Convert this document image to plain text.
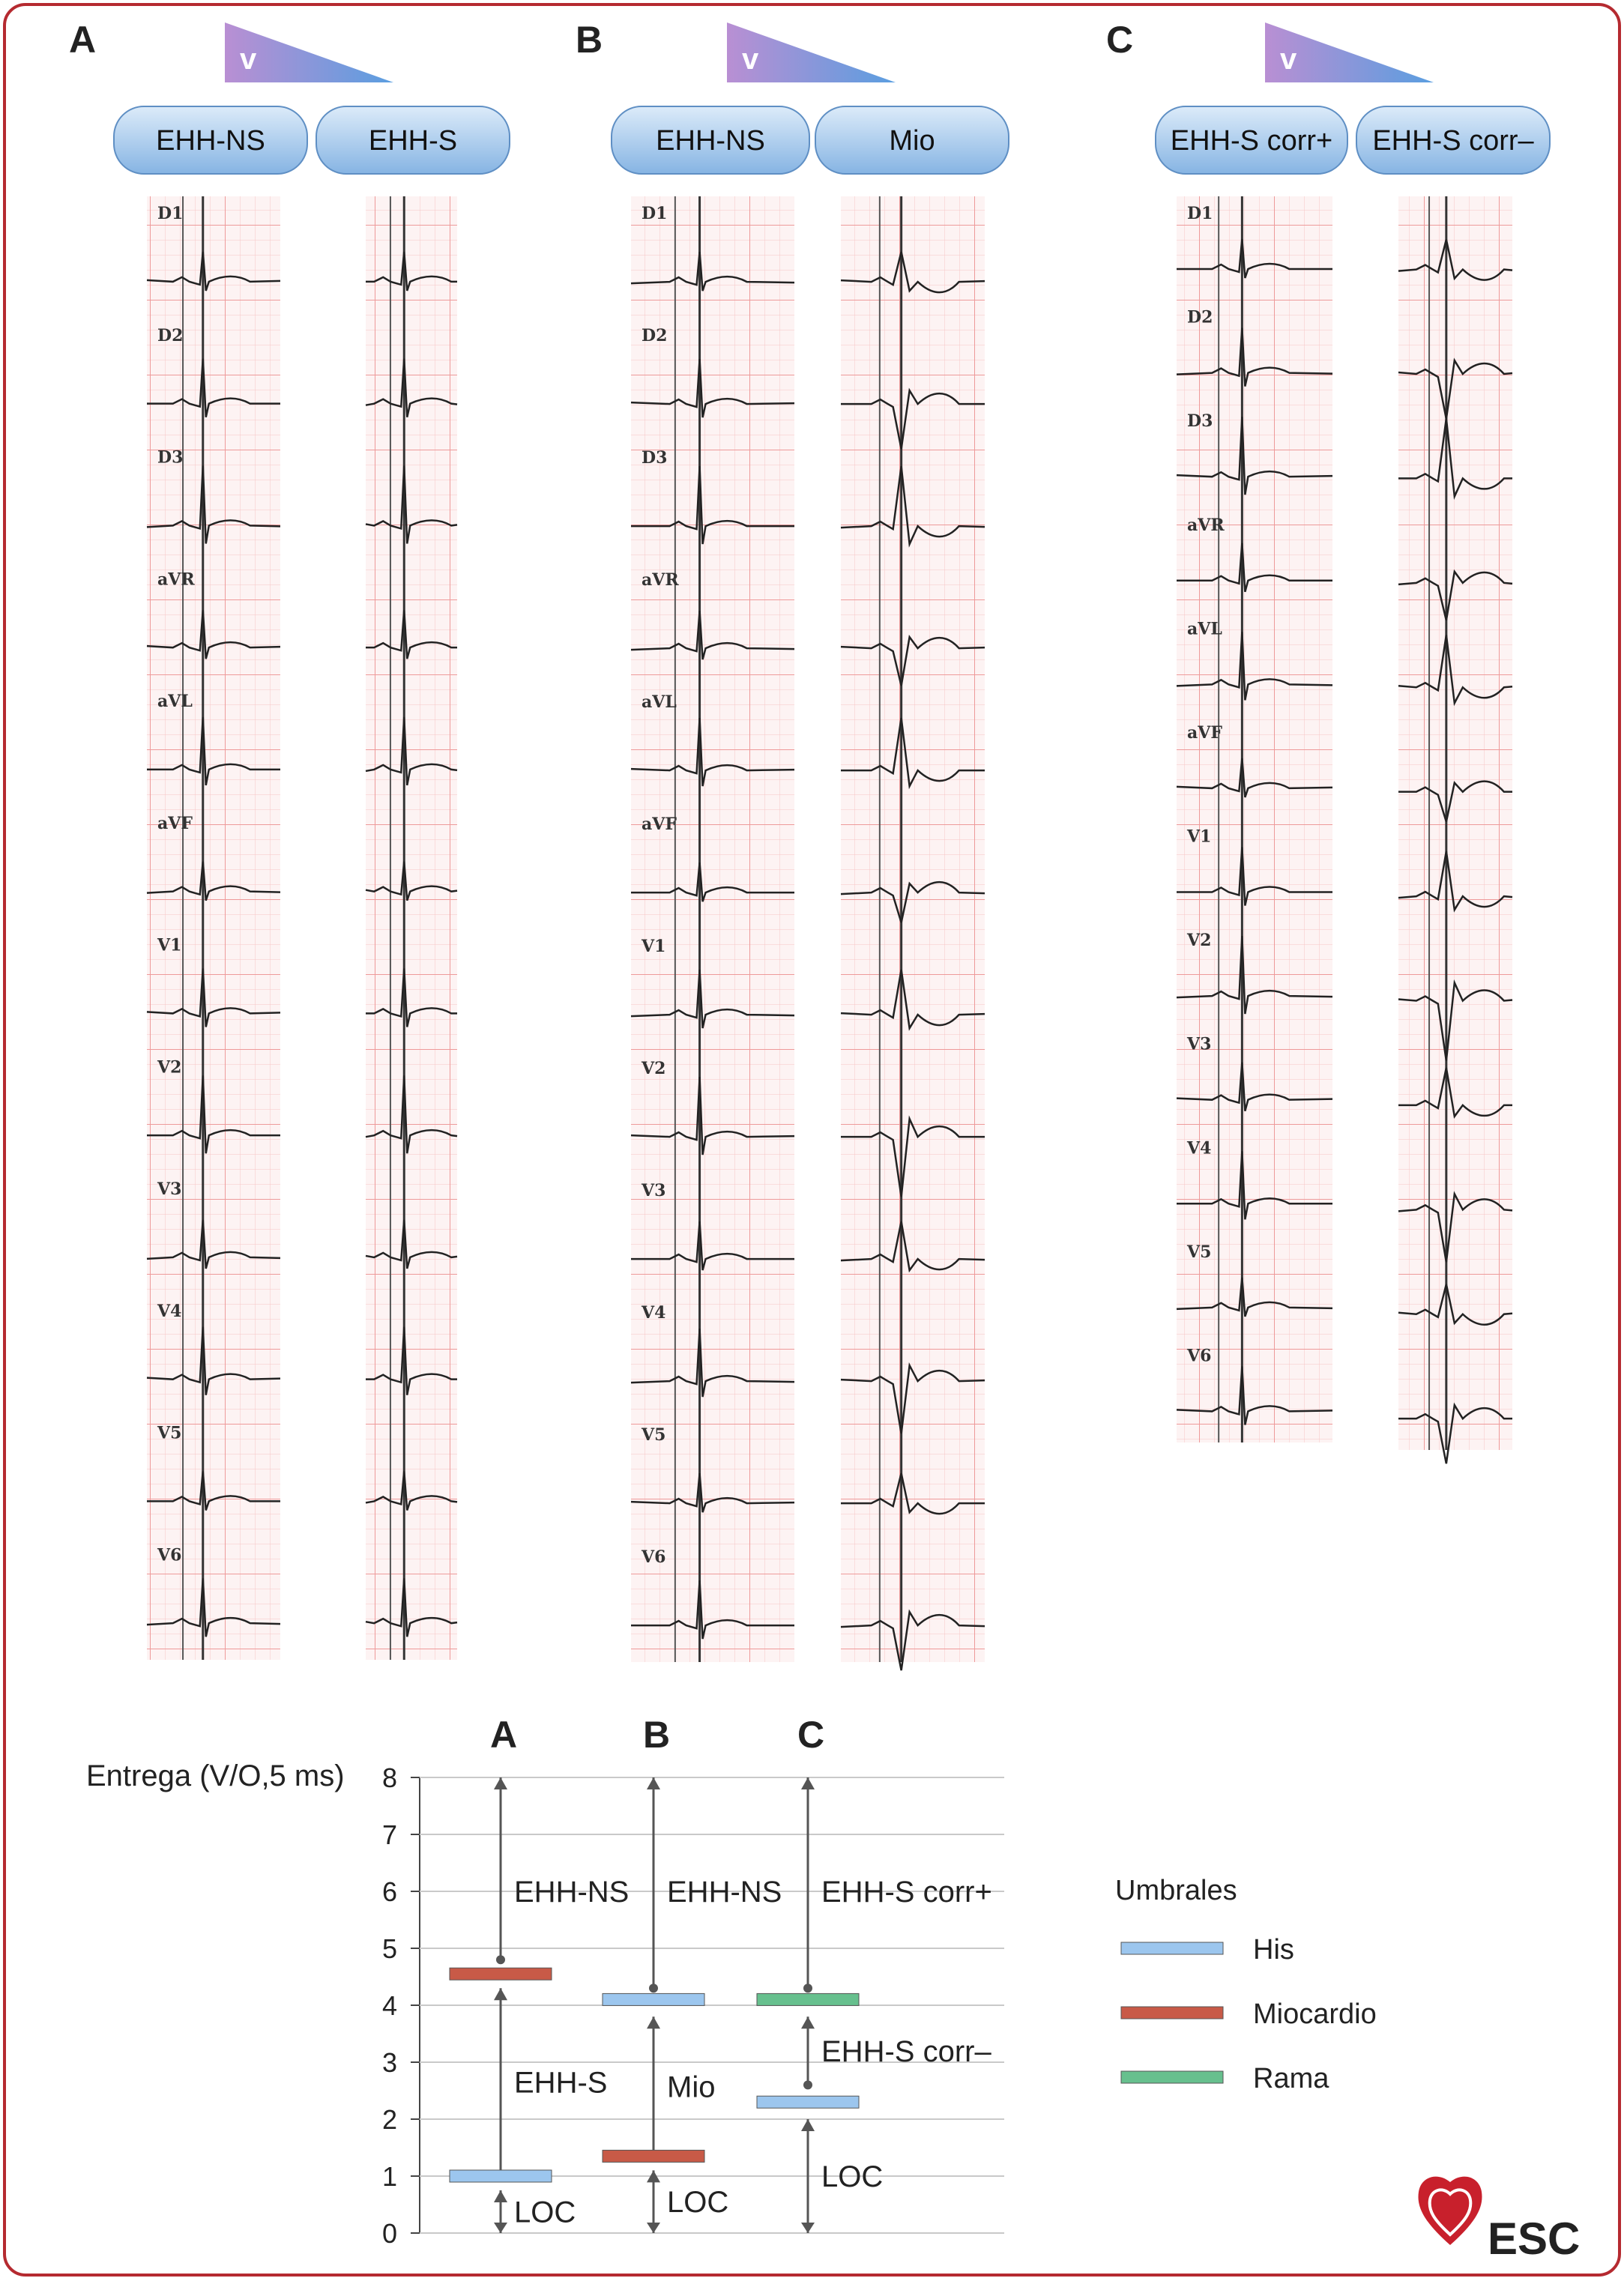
A	v
EHH-NS	EHH-S
B	v
EHH-NS	Mio
C	v
EHH-S corr+ EHH-S corr–
D1
D2
D3
aVR
aVL
aVF
V1
V2
V3
V4
V5
V6
D1
D2
D3
aVR
aVL
aVF
V1
V2
V3
V4
V5
V6
D1
D2
D3
aVR
aVL
aVF
V1
V2
V3
V4
V5
V6
Entrega (V/O,5 ms)
0
1
2
3
4
5
6
7
8
A	B	C
EHH-NS
EHH-S
LOC
EHH-NS
Mio
LOC
EHH-S corr+
EHH-S corr–
LOC
Umbrales
His
Miocardio
Rama
ESC
